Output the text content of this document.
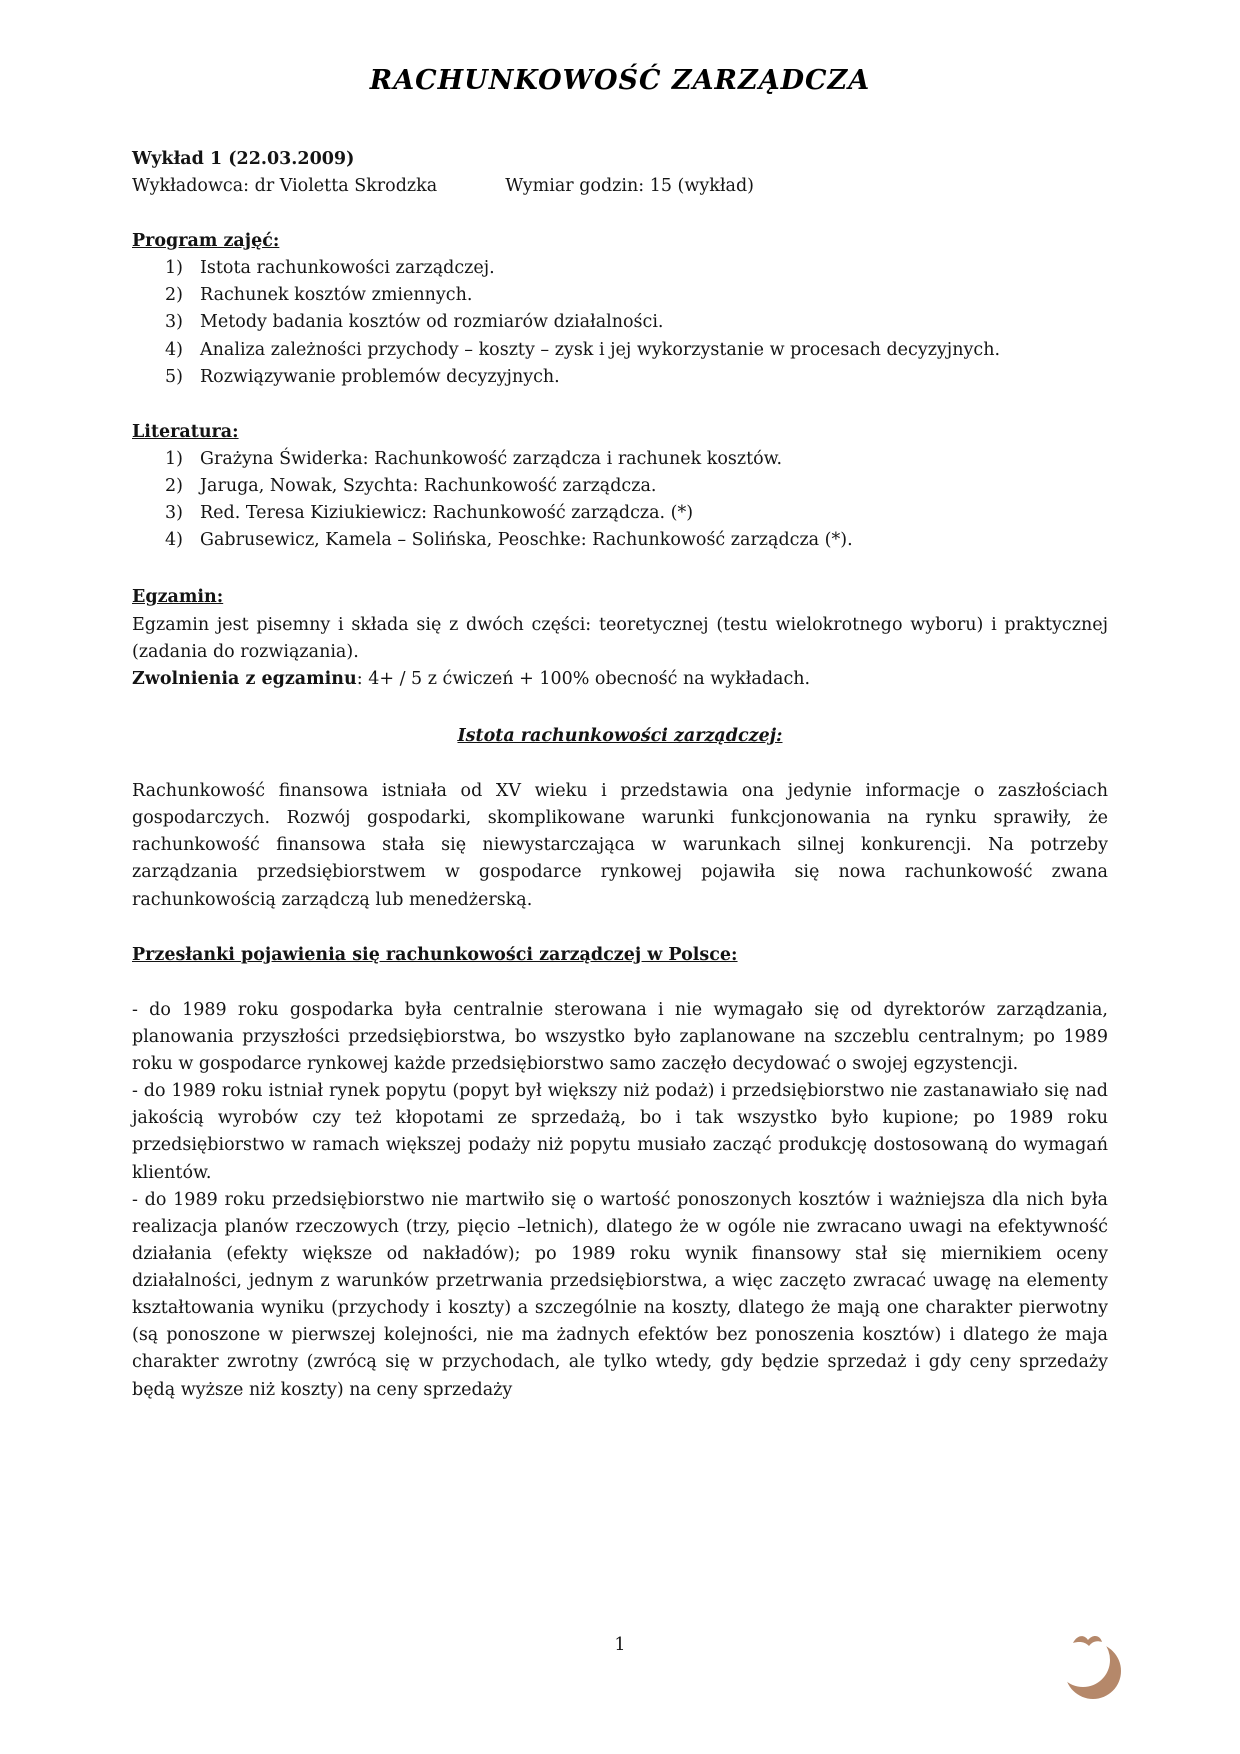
RACHUNKOWOŚĆ ZARZĄDCZA

Wykład 1 (22.03.2009)

Wykładowca: dr Violetta Skrodzka	Wymiar godzin: 15 (wykład)

Program zajęć:

1) Istota rachunkowości zarządczej.
2) Rachunek kosztów zmiennych.
3) Metody badania kosztów od rozmiarów działalności.
4) Analiza zależności przychody – koszty – zysk i jej wykorzystanie w procesach decyzyjnych.
5) Rozwiązywanie problemów decyzyjnych.

Literatura:

1) Grażyna Świderka: Rachunkowość zarządcza i rachunek kosztów.
2) Jaruga, Nowak, Szychta: Rachunkowość zarządcza.
3) Red. Teresa Kiziukiewicz: Rachunkowość zarządcza. (*)
4) Gabrusewicz, Kamela – Solińska, Peoschke: Rachunkowość zarządcza (*).

Egzamin:

Egzamin jest pisemny i składa się z dwóch części: teoretycznej (testu wielokrotnego wyboru) i praktycznej (zadania do rozwiązania).

Zwolnienia z egzaminu: 4+ / 5 z ćwiczeń + 100% obecność na wykładach.

Istota rachunkowości zarządczej:

Rachunkowość finansowa istniała od XV wieku i przedstawia ona jedynie informacje o zaszłościach gospodarczych. Rozwój gospodarki, skomplikowane warunki funkcjonowania na rynku sprawiły, że rachunkowość finansowa stała się niewystarczająca w warunkach silnej konkurencji. Na potrzeby zarządzania przedsiębiorstwem w gospodarce rynkowej pojawiła się nowa rachunkowość zwana rachunkowością zarządczą lub menedżerską.

Przesłanki pojawienia się rachunkowości zarządczej w Polsce:

- do 1989 roku gospodarka była centralnie sterowana i nie wymagało się od dyrektorów zarządzania, planowania przyszłości przedsiębiorstwa, bo wszystko było zaplanowane na szczeblu centralnym; po 1989 roku w gospodarce rynkowej każde przedsiębiorstwo samo zaczęło decydować o swojej egzystencji.

- do 1989 roku istniał rynek popytu (popyt był większy niż podaż) i przedsiębiorstwo nie zastanawiało się nad jakością wyrobów czy też kłopotami ze sprzedażą, bo i tak wszystko było kupione; po 1989 roku przedsiębiorstwo w ramach większej podaży niż popytu musiało zacząć produkcję dostosowaną do wymagań klientów.

- do 1989 roku przedsiębiorstwo nie martwiło się o wartość ponoszonych kosztów i ważniejsza dla nich była realizacja planów rzeczowych (trzy, pięcio –letnich), dlatego że w ogóle nie zwracano uwagi na efektywność działania (efekty większe od nakładów); po 1989 roku wynik finansowy stał się miernikiem oceny działalności, jednym z warunków przetrwania przedsiębiorstwa, a więc zaczęto zwracać uwagę na elementy kształtowania wyniku (przychody i koszty) a szczególnie na koszty, dlatego że mają one charakter pierwotny (są ponoszone w pierwszej kolejności, nie ma żadnych efektów bez ponoszenia kosztów) i dlatego że maja charakter zwrotny (zwrócą się w przychodach, ale tylko wtedy, gdy będzie sprzedaż i gdy ceny sprzedaży będą wyższe niż koszty) na ceny sprzedaży

1
